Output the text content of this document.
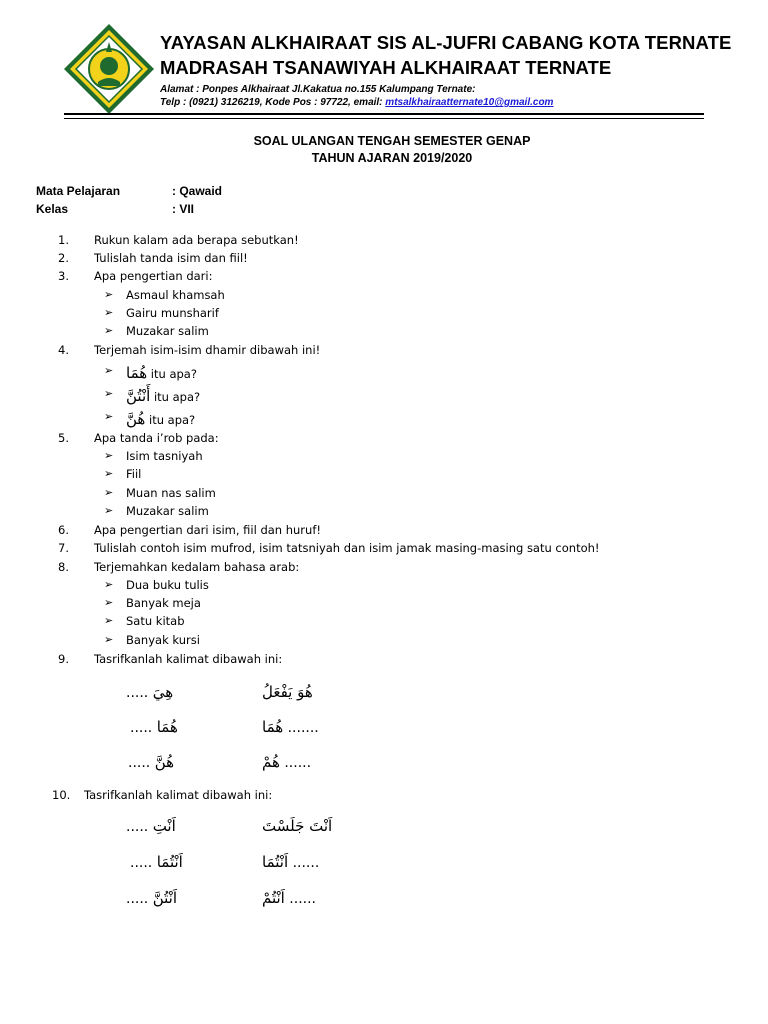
YAYASAN ALKHAIRAAT SIS AL-JUFRI CABANG KOTA TERNATE
MADRASAH TSANAWIYAH ALKHAIRAAT TERNATE
Alamat : Ponpes Alkhairaat Jl.Kakatua no.155 Kalumpang Ternate:
Telp : (0921) 3126219, Kode Pos : 97722, email: mtsalkhairaatternate10@gmail.com
SOAL ULANGAN TENGAH SEMESTER GENAP
TAHUN AJARAN 2019/2020
Mata Pelajaran	: Qawaid
Kelas	: VII
1.	Rukun kalam ada berapa sebutkan!
2.	Tulislah tanda isim dan fiil!
3.	Apa pengertian dari:
➢ Asmaul khamsah
➢ Gairu munsharif
➢ Muzakar salim
4.	Terjemah isim-isim dhamir dibawah ini!
➢ هُمَا itu apa?
➢ أَنْتُنَّ itu apa?
➢ هُنَّ itu apa?
5.	Apa tanda i’rob pada:
➢ Isim tasniyah
➢ Fiil
➢ Muan nas salim
➢ Muzakar salim
6.	Apa pengertian dari isim, fiil dan huruf!
7.	Tulislah contoh isim mufrod, isim tatsniyah dan isim jamak masing-masing satu contoh!
8.	Terjemahkan kedalam bahasa arab:
➢ Dua buku tulis
➢ Banyak meja
➢ Satu kitab
➢ Banyak kursi
9.	Tasrifkanlah kalimat dibawah ini:
..... هِيَ	هُوَ يَفْعَلُ
..... هُمَا	هُمَا .......
..... هُنَّ	هُمْ ......
10.	Tasrifkanlah kalimat dibawah ini:
..... اَنْتِ	اَنْتَ جَلَسْتَ
..... اَنْتُمَا	اَنْتُمَا ......
..... اَنْتُنَّ	اَنْتُمْ ......
